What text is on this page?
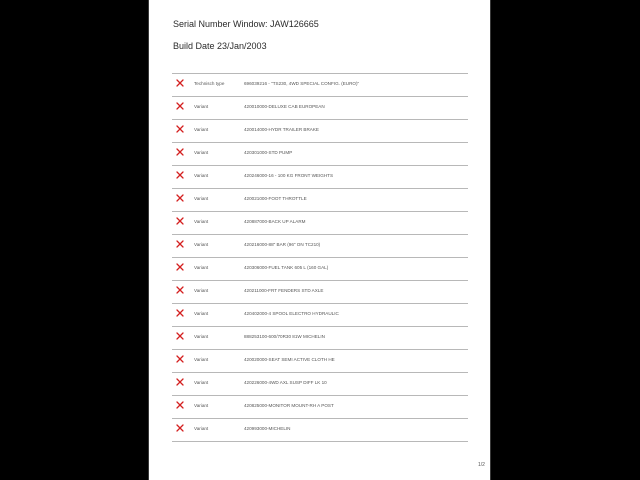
Serial Number Window: JAW126665
Build Date 23/Jan/2003
Technisch type	696039216 - "TS230, 4WD SPECIAL CONFIG. (EURO)"
Variant	420010000-DELUXE CAB EUROPEAN
Variant	420014000-HYDR TRAILER BRAKE
Variant	420301000-STD PUMP
Variant	420246000-16 - 100 KG FRONT WEIGHTS
Variant	420021000-FOOT THROTTLE
Variant	420887000-BACK UP ALARM
Variant	420216000-88" BAR (96" ON TC210)
Variant	420306000-FUEL TANK 605 L (160 GAL)
Variant	420211000-FRT FENDERS STD AXLE
Variant	420402000-4 SPOOL ELECTRO HYDRAULIC
Variant	888253100-600/70R30 81W MICHELIN
Variant	420020000-SEAT SEMI ACTIVE CLOTH HE
Variant	420226000-4WD AXL SUSP DIFF LK 10
Variant	420825000-MONITOR MOUNT-RH A POST
Variant	420993000-MICHELIN
1/2
